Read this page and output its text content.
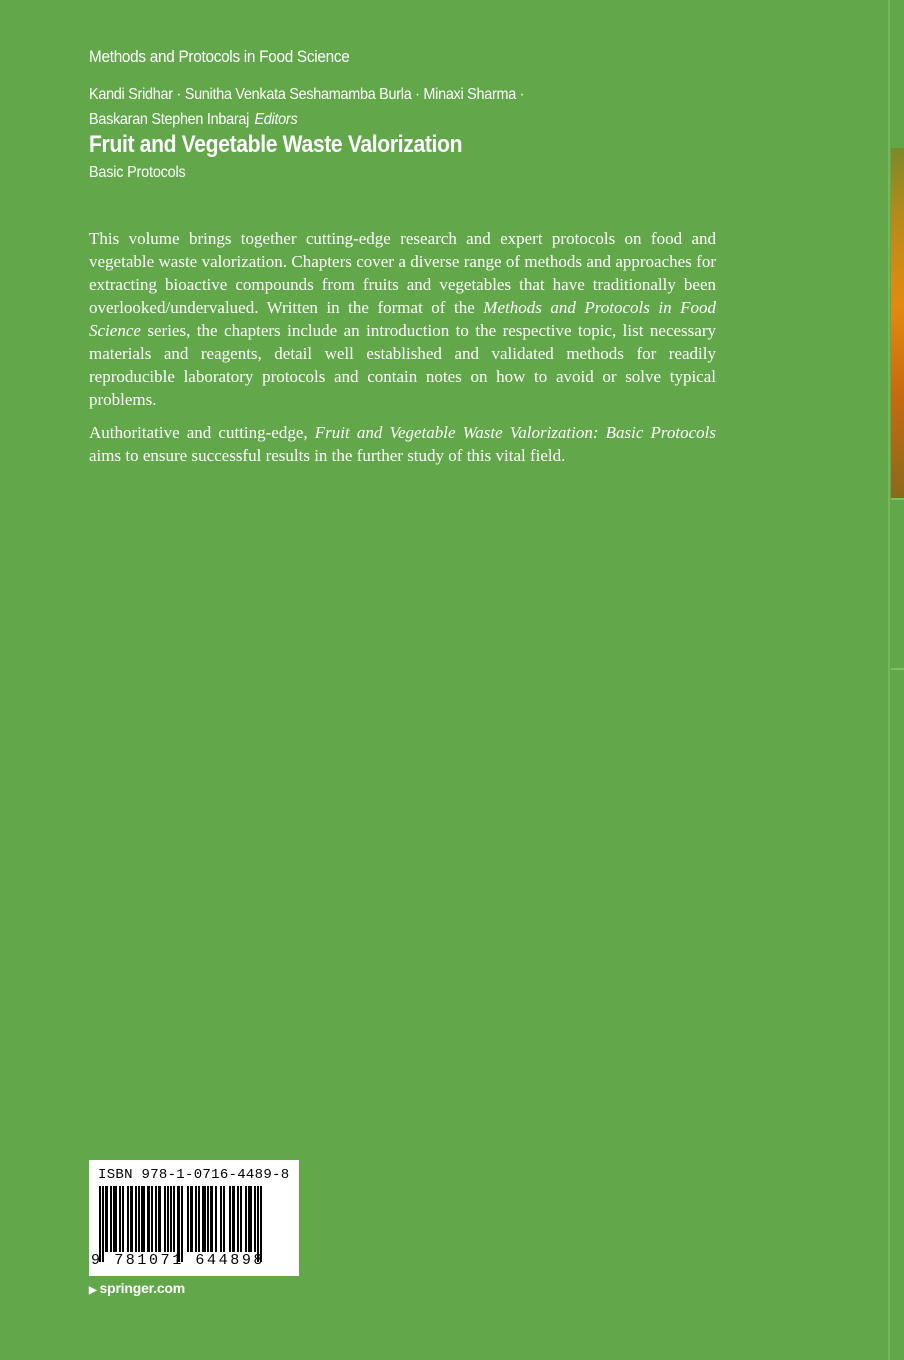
Methods and Protocols in Food Science
Kandi Sridhar · Sunitha Venkata Seshamamba Burla · Minaxi Sharma ·
Baskaran Stephen Inbaraj Editors
Fruit and Vegetable Waste Valorization
Basic Protocols

This volume brings together cutting-edge research and expert protocols on food and vegetable waste valorization. Chapters cover a diverse range of methods and approaches for extracting bioactive compounds from fruits and vegetables that have traditionally been overlooked/undervalued. Written in the format of the Methods and Protocols in Food Science series, the chapters include an introduction to the respective topic, list necessary materials and reagents, detail well established and validated methods for readily reproducible laboratory protocols and contain notes on how to avoid or solve typical problems.

Authoritative and cutting-edge, Fruit and Vegetable Waste Valorization: Basic Protocols aims to ensure successful results in the further study of this vital field.

ISBN 978-1-0716-4489-8
9 781071 644898
▶ springer.com
